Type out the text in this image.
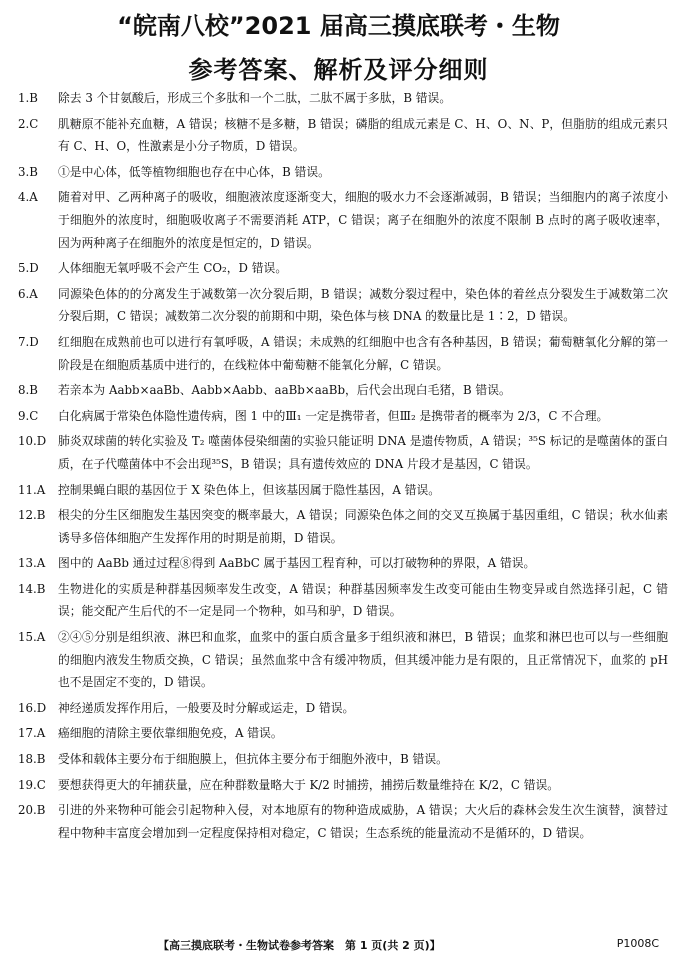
“皖南八校”2021 届高三摸底联考・生物
参考答案、解析及评分细则
1.B	除去 3 个甘氨酸后，形成三个多肽和一个二肽，二肽不属于多肽，B 错误。
2.C	肌糖原不能补充血糖，A 错误；核糖不是多糖，B 错误；磷脂的组成元素是 C、H、O、N、P，但脂肪的组成元素只有 C、H、O，性激素是小分子物质，D 错误。
3.B	①是中心体，低等植物细胞也存在中心体，B 错误。
4.A	随着对甲、乙两种离子的吸收，细胞液浓度逐渐变大，细胞的吸水力不会逐渐减弱，B 错误；当细胞内的离子浓度小于细胞外的浓度时，细胞吸收离子不需要消耗 ATP，C 错误；离子在细胞外的浓度不限制 B 点时的离子吸收速率，因为两种离子在细胞外的浓度是恒定的，D 错误。
5.D	人体细胞无氧呼吸不会产生 CO₂，D 错误。
6.A	同源染色体的的分离发生于减数第一次分裂后期，B 错误；减数分裂过程中，染色体的着丝点分裂发生于减数第二次分裂后期，C 错误；减数第二次分裂的前期和中期，染色体与核 DNA 的数量比是 1∶2，D 错误。
7.D	红细胞在成熟前也可以进行有氧呼吸，A 错误；未成熟的红细胞中也含有各种基因，B 错误；葡萄糖氧化分解的第一阶段是在细胞质基质中进行的，在线粒体中葡萄糖不能氧化分解，C 错误。
8.B	若亲本为 Aabb×aaBb、Aabb×Aabb、aaBb×aaBb，后代会出现白毛猪，B 错误。
9.C	白化病属于常染色体隐性遗传病，图 1 中的Ⅲ₁ 一定是携带者，但Ⅲ₂ 是携带者的概率为 2/3，C 不合理。
10.D 肺炎双球菌的转化实验及 T₂ 噬菌体侵染细菌的实验只能证明 DNA 是遗传物质，A 错误；³⁵S 标记的是噬菌体的蛋白质，在子代噬菌体中不会出现³⁵S，B 错误；具有遗传效应的 DNA 片段才是基因，C 错误。
11.A	控制果蝇白眼的基因位于 X 染色体上，但该基因属于隐性基因，A 错误。
12.B	根尖的分生区细胞发生基因突变的概率最大，A 错误；同源染色体之间的交叉互换属于基因重组，C 错误；秋水仙素诱导多倍体细胞产生发挥作用的时期是前期，D 错误。
13.A	图中的 AaBb 通过过程⑧得到 AaBbC 属于基因工程育种，可以打破物种的界限，A 错误。
14.B	生物进化的实质是种群基因频率发生改变，A 错误；种群基因频率发生改变可能由生物变异或自然选择引起，C 错误；能交配产生后代的不一定是同一个物种，如马和驴，D 错误。
15.A	②④⑤分别是组织液、淋巴和血浆，血浆中的蛋白质含量多于组织液和淋巴，B 错误；血浆和淋巴也可以与一些细胞的细胞内液发生物质交换，C 错误；虽然血浆中含有缓冲物质，但其缓冲能力是有限的，且正常情况下，血浆的 pH 也不是固定不变的，D 错误。
16.D 神经递质发挥作用后，一般要及时分解或运走，D 错误。
17.A	癌细胞的清除主要依靠细胞免疫，A 错误。
18.B	受体和载体主要分布于细胞膜上，但抗体主要分布于细胞外液中，B 错误。
19.C	要想获得更大的年捕获量，应在种群数量略大于 K/2 时捕捞，捕捞后数量维持在 K/2，C 错误。
20.B	引进的外来物种可能会引起物种入侵，对本地原有的物种造成威胁，A 错误；大火后的森林会发生次生演替，演替过程中物种丰富度会增加到一定程度保持相对稳定，C 错误；生态系统的能量流动不是循环的，D 错误。
【高三摸底联考・生物试卷参考答案　第 1 页(共 2 页)】	P1008C
